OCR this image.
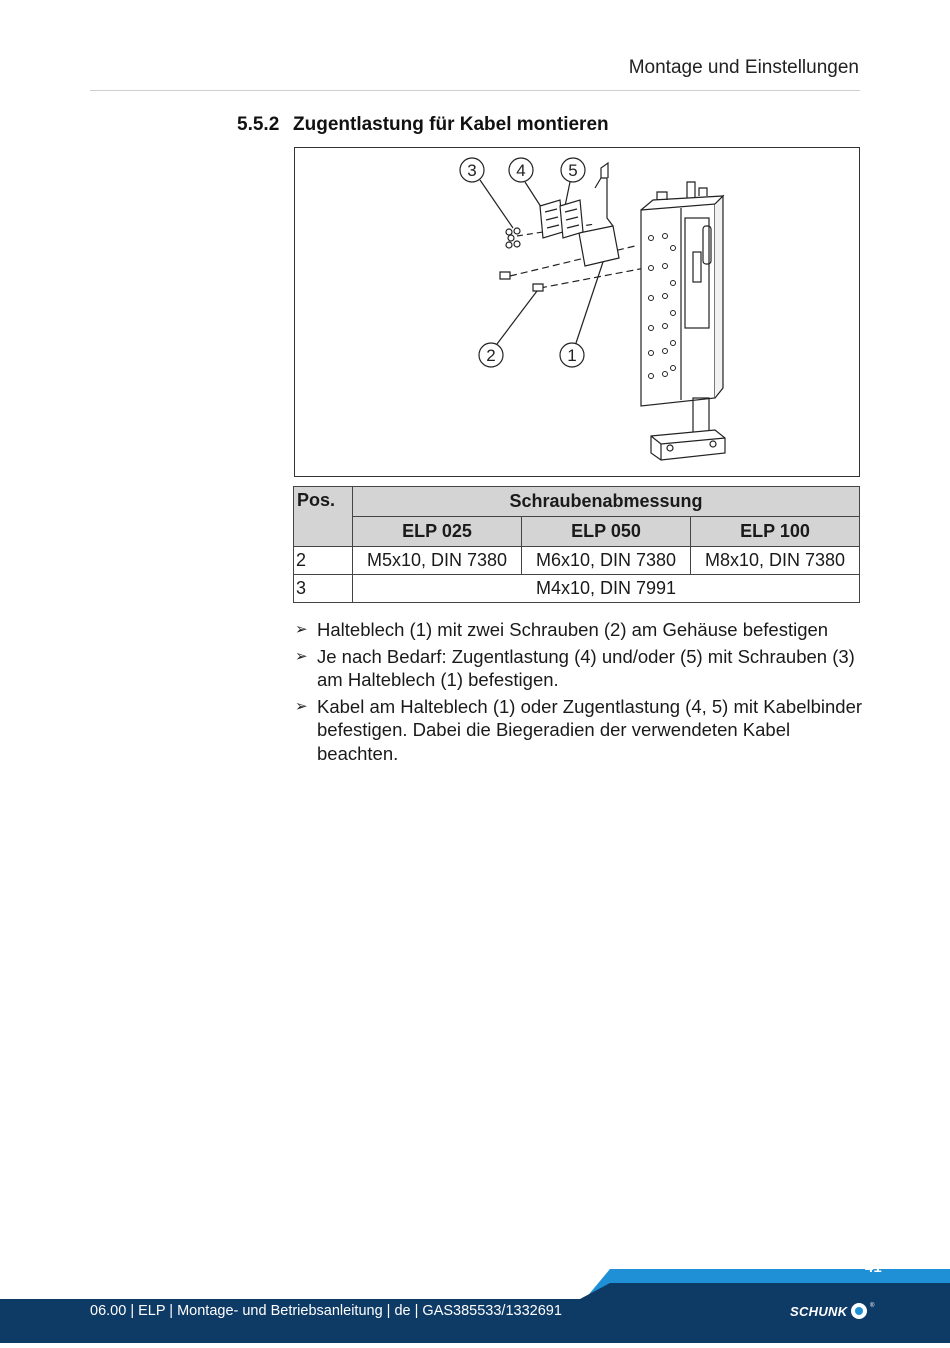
Montage und Einstellungen
5.5.2 Zugentlastung für Kabel montieren
3 4	5
2	1
Pos.	Schraubenabmessung		
	ELP 025	ELP 050	ELP 100
2	M5x10, DIN 7380	M6x10, DIN 7380	M8x10, DIN 7380
3	M4x10, DIN 7991		
➢ Halteblech (1) mit zwei Schrauben (2) am Gehäuse befestigen
➢ Je nach Bedarf: Zugentlastung (4) und/oder (5) mit Schrauben (3) am Halteblech (1) befestigen.
➢ Kabel am Halteblech (1) oder Zugentlastung (4, 5) mit Kabelbinder befestigen. Dabei die Biegeradien der verwendeten Kabel beachten.
41
06.00 | ELP | Montage- und Betriebsanleitung | de | GAS385533/1332691	SCHUNK	®
